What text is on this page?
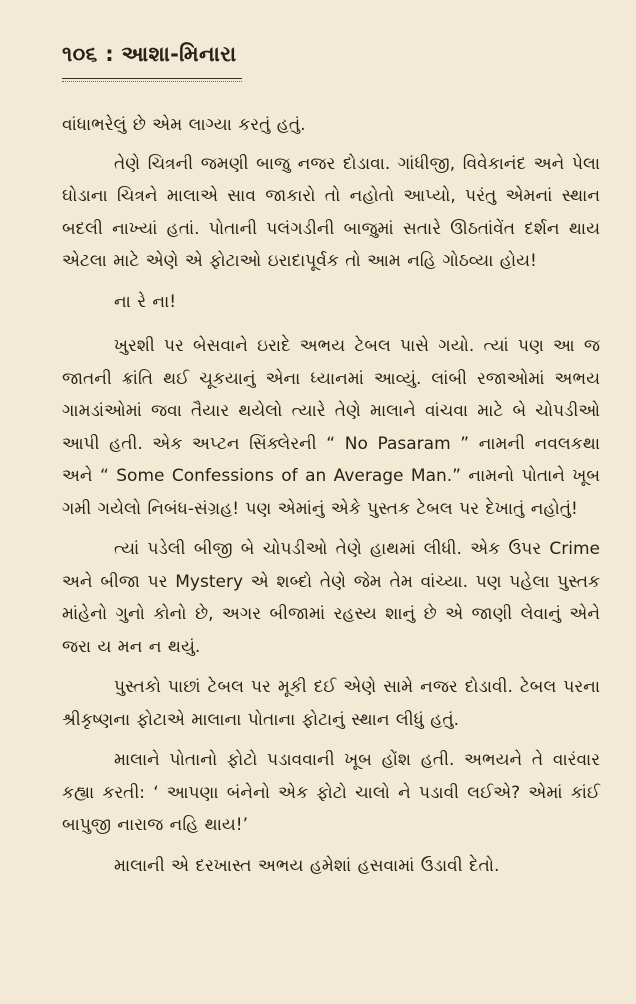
૧૦૬ : આશા-મિનારા

વાંધાભરેલું છે એમ લાગ્યા કરતું હતું.

તેણે ચિત્રની જમણી બાજુ નજર દોડાવા. ગાંધીજી, વિવેકાનંદ અને પેલા ઘોડાના ચિત્રને માલાએ સાવ જાકારો તો નહોતો આપ્યો, પરંતુ એમનાં સ્થાન બદલી નાખ્યાં હતાં. પોતાની પલંગડીની બાજુમાં સતારે ઊઠતાંવેંત દર્શન થાય એટલા માટે એણે એ ફોટાઓ ઇરાદાપૂર્વક તો આમ નહિ ગોઠવ્યા હોય!

ના રે ના!

ખુરશી પર બેસવાને ઇરાદે અભય ટેબલ પાસે ગયો. ત્યાં પણ આ જ જાતની ક્રાંતિ થઈ ચૂકયાનું એના ધ્યાનમાં આવ્યું. લાંબી રજાઓમાં અભય ગામડાંઓમાં જવા તૈયાર થયેલો ત્યારે તેણે માલાને વાંચવા માટે બે ચોપડીઓ આપી હતી. એક અપ્ટન સિંક્લેરની “ No Pasaram ” નામની નવલકથા અને “ Some Confessions of an Average Man.” નામનો પોતાને ખૂબ ગમી ગયેલો નિબંધ-સંગ્રહ! પણ એમાંનું એકે પુસ્તક ટેબલ પર દેખાતું નહોતું!

ત્યાં પડેલી બીજી બે ચોપડીઓ તેણે હાથમાં લીધી. એક ઉપર Crime અને બીજા પર Mystery એ શબ્દો તેણે જેમ તેમ વાંચ્યા. પણ પહેલા પુસ્તક માંહેનો ગુનો કોનો છે, અગર બીજામાં રહસ્ય શાનું છે એ જાણી લેવાનું એને જરા ય મન ન થયું.

પુસ્તકો પાછાં ટેબલ પર મૂકી દઈ એણે સામે નજર દોડાવી. ટેબલ પરના શ્રીકૃષ્ણના ફોટાએ માલાના પોતાના ફોટાનું સ્થાન લીધું હતું.

માલાને પોતાનો ફોટો પડાવવાની ખૂબ હોંશ હતી. અભયને તે વારંવાર કહ્યા કરતી: ‘ આપણા બંનેનો એક ફોટો ચાલો ને પડાવી લઈએ? એમાં કાંઈ બાપુજી નારાજ નહિ થાય!’

માલાની એ દરખાસ્ત અભય હમેશાં હસવામાં ઉડાવી દેતો.
